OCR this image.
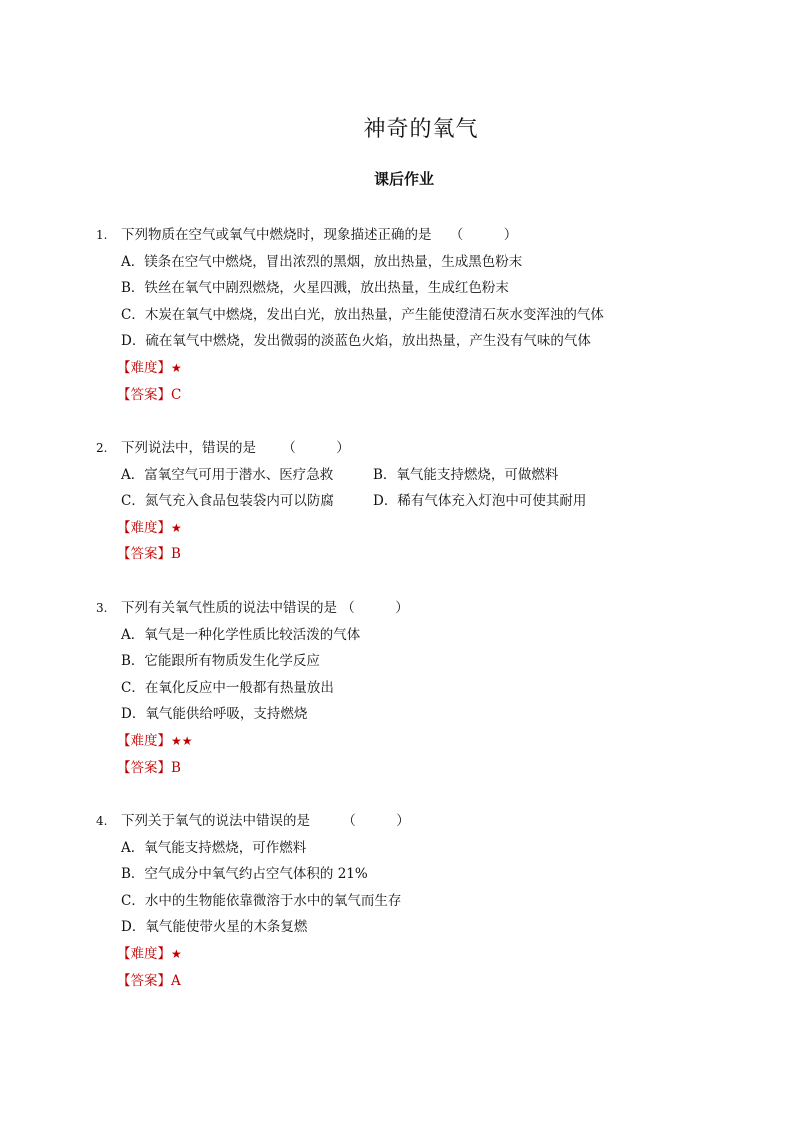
神奇的氧气
课后作业
1. 下列物质在空气或氧气中燃烧时，现象描述正确的是 （　　　）
A．镁条在空气中燃烧，冒出浓烈的黑烟，放出热量，生成黑色粉末
B．铁丝在氧气中剧烈燃烧，火星四溅，放出热量，生成红色粉末
C．木炭在氧气中燃烧，发出白光，放出热量，产生能使澄清石灰水变浑浊的气体
D．硫在氧气中燃烧，发出微弱的淡蓝色火焰，放出热量，产生没有气味的气体
【难度】★
【答案】C
2. 下列说法中，错误的是 （　　　）
A．富氧空气可用于潜水、医疗急救	B．氧气能支持燃烧，可做燃料
C．氮气充入食品包装袋内可以防腐	D．稀有气体充入灯泡中可使其耐用
【难度】★
【答案】B
3. 下列有关氧气性质的说法中错误的是 （　　　）
A．氧气是一种化学性质比较活泼的气体
B．它能跟所有物质发生化学反应
C．在氧化反应中一般都有热量放出
D．氧气能供给呼吸，支持燃烧
【难度】★★
【答案】B
4. 下列关于氧气的说法中错误的是 （　　　）
A．氧气能支持燃烧，可作燃料
B．空气成分中氧气约占空气体积的 21%
C．水中的生物能依靠微溶于水中的氧气而生存
D．氧气能使带火星的木条复燃
【难度】★
【答案】A
